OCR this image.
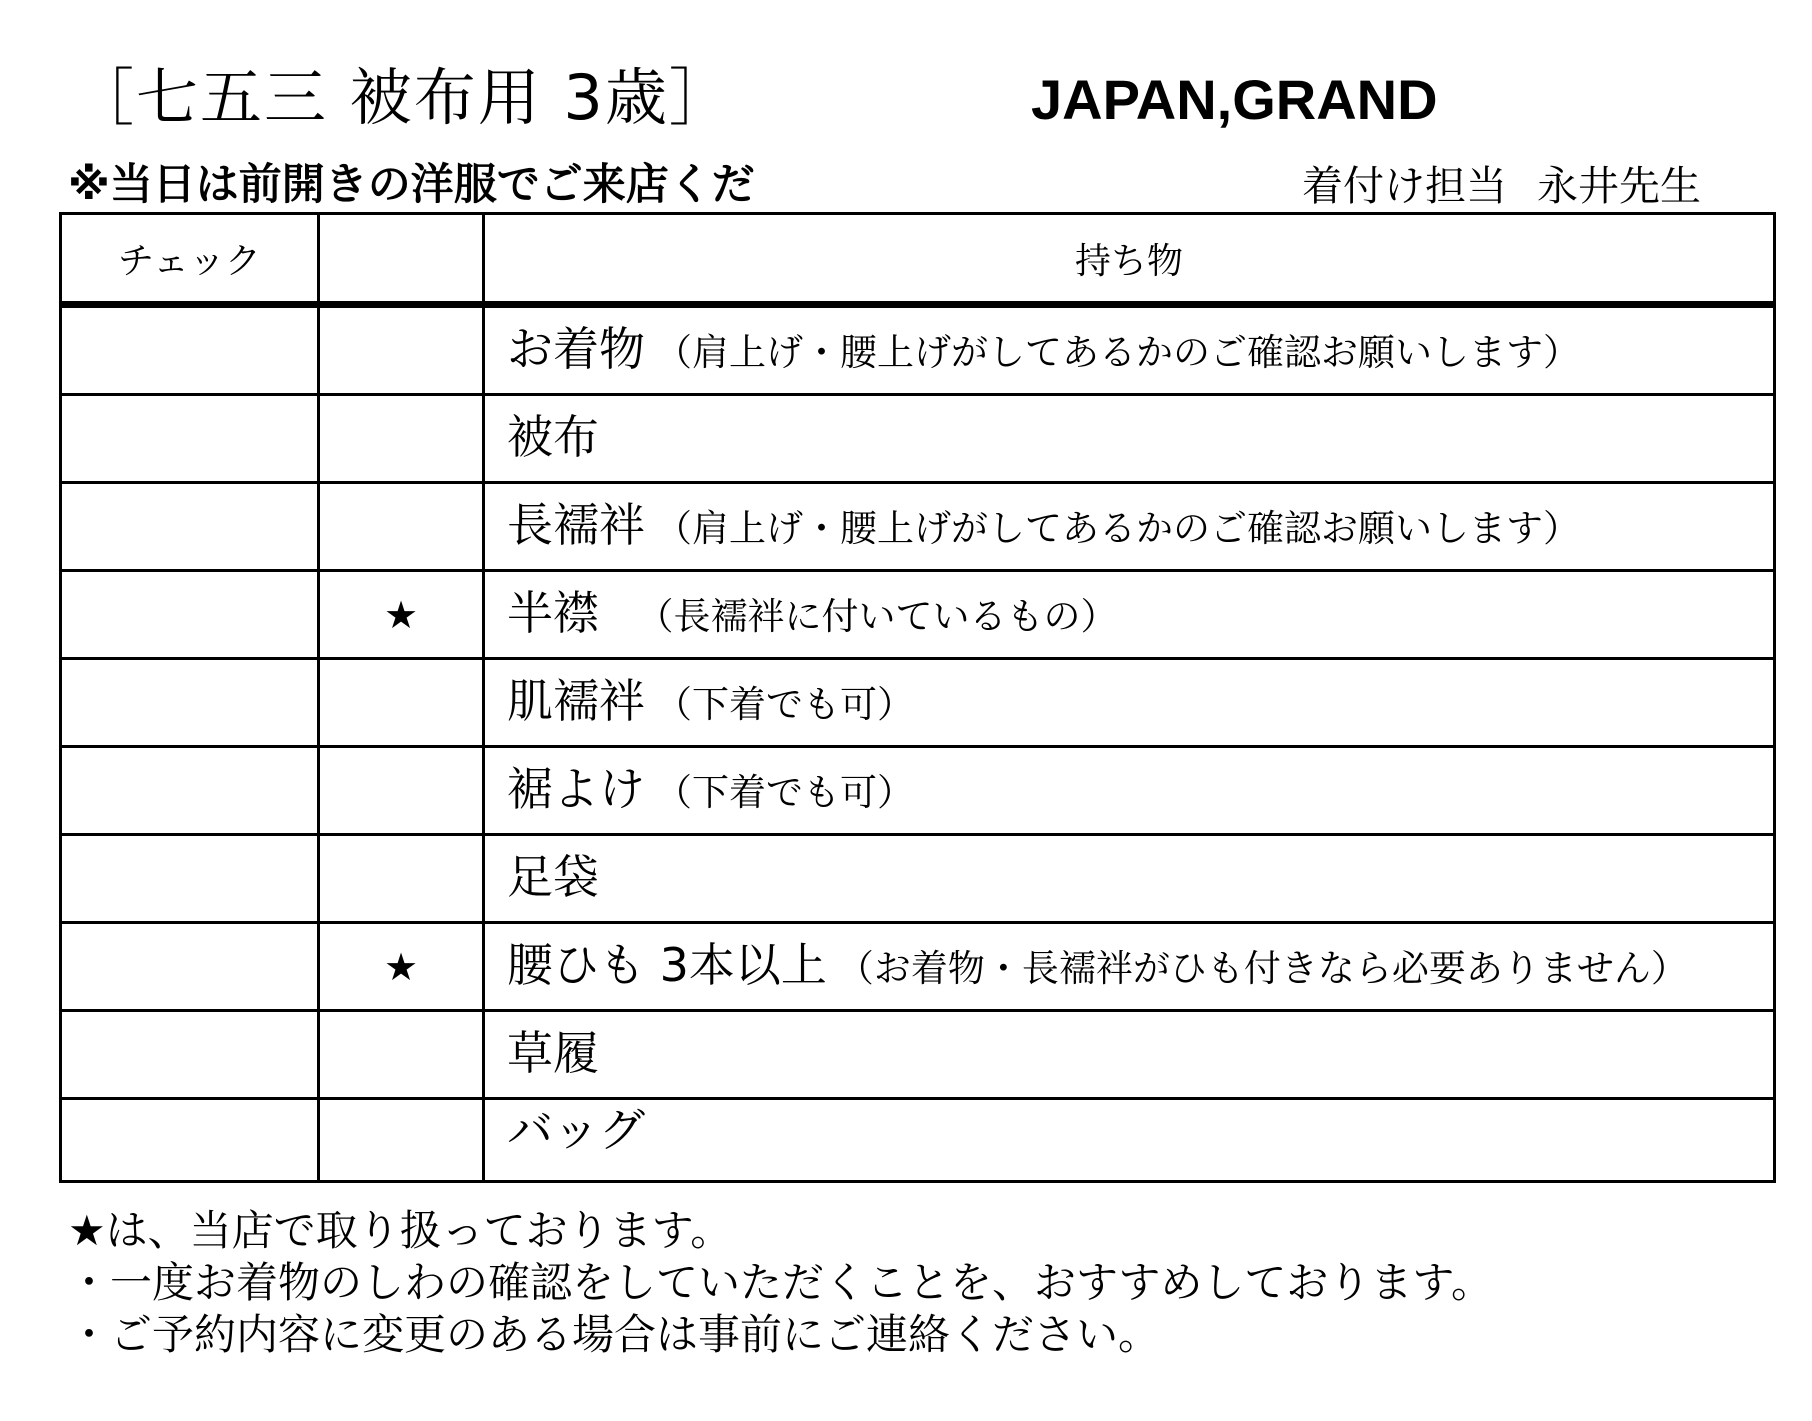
［七五三 被布用 3歳］	JAPAN,GRAND
※当日は前開きの洋服でご来店くだ	着付け担当 永井先生
チェック		持ち物
		お着物 （肩上げ・腰上げがしてあるかのご確認お願いします）
		被布
		長襦袢 （肩上げ・腰上げがしてあるかのご確認お願いします）
	★	半襟　（長襦袢に付いているもの）
		肌襦袢 （下着でも可）
		裾よけ （下着でも可）
		足袋
	★	腰ひも 3本以上 （お着物・長襦袢がひも付きなら必要ありません）
		草履
		バッグ
★は、当店で取り扱っております。
・一度お着物のしわの確認をしていただくことを、おすすめしております。
・ご予約内容に変更のある場合は事前にご連絡ください。
